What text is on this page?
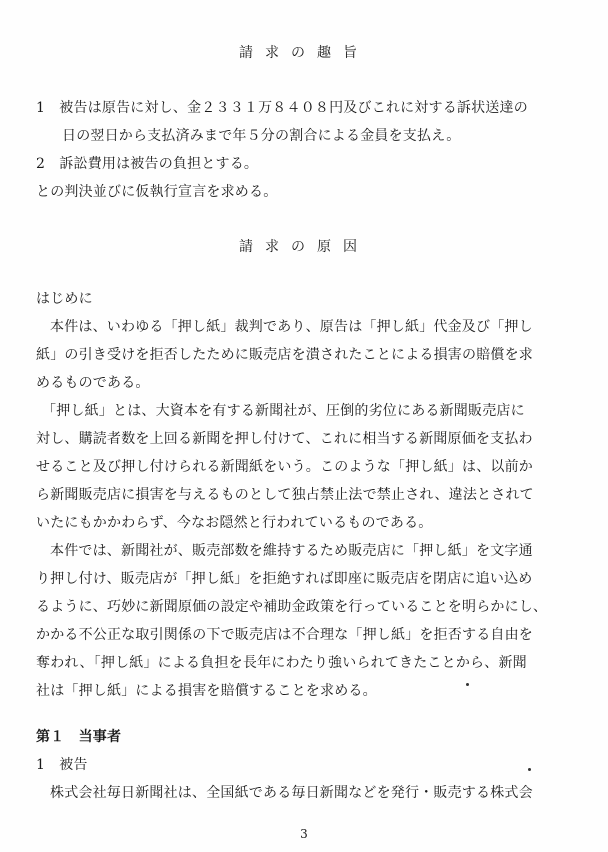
請求の趣旨
1　被告は原告に対し、金２３３１万８４０８円及びこれに対する訴状送達の
日の翌日から支払済みまで年５分の割合による金員を支払え。
2　訴訟費用は被告の負担とする。
との判決並びに仮執行宣言を求める。
請求の原因
はじめに
本件は、いわゆる「押し紙」裁判であり、原告は「押し紙」代金及び「押し
紙」の引き受けを拒否したために販売店を潰されたことによる損害の賠償を求
めるものである。
「押し紙」とは、大資本を有する新聞社が、圧倒的劣位にある新聞販売店に
対し、購読者数を上回る新聞を押し付けて、これに相当する新聞原価を支払わ
せること及び押し付けられる新聞紙をいう。このような「押し紙」は、以前か
ら新聞販売店に損害を与えるものとして独占禁止法で禁止され、違法とされて
いたにもかかわらず、今なお隠然と行われているものである。
本件では、新聞社が、販売部数を維持するため販売店に「押し紙」を文字通
り押し付け、販売店が「押し紙」を拒絶すれば即座に販売店を閉店に追い込め
るように、巧妙に新聞原価の設定や補助金政策を行っていることを明らかにし、
かかる不公正な取引関係の下で販売店は不合理な「押し紙」を拒否する自由を
奪われ、「押し紙」による負担を長年にわたり強いられてきたことから、新聞
社は「押し紙」による損害を賠償することを求める。
第１　当事者
1　被告
株式会社毎日新聞社は、全国紙である毎日新聞などを発行・販売する株式会
3
